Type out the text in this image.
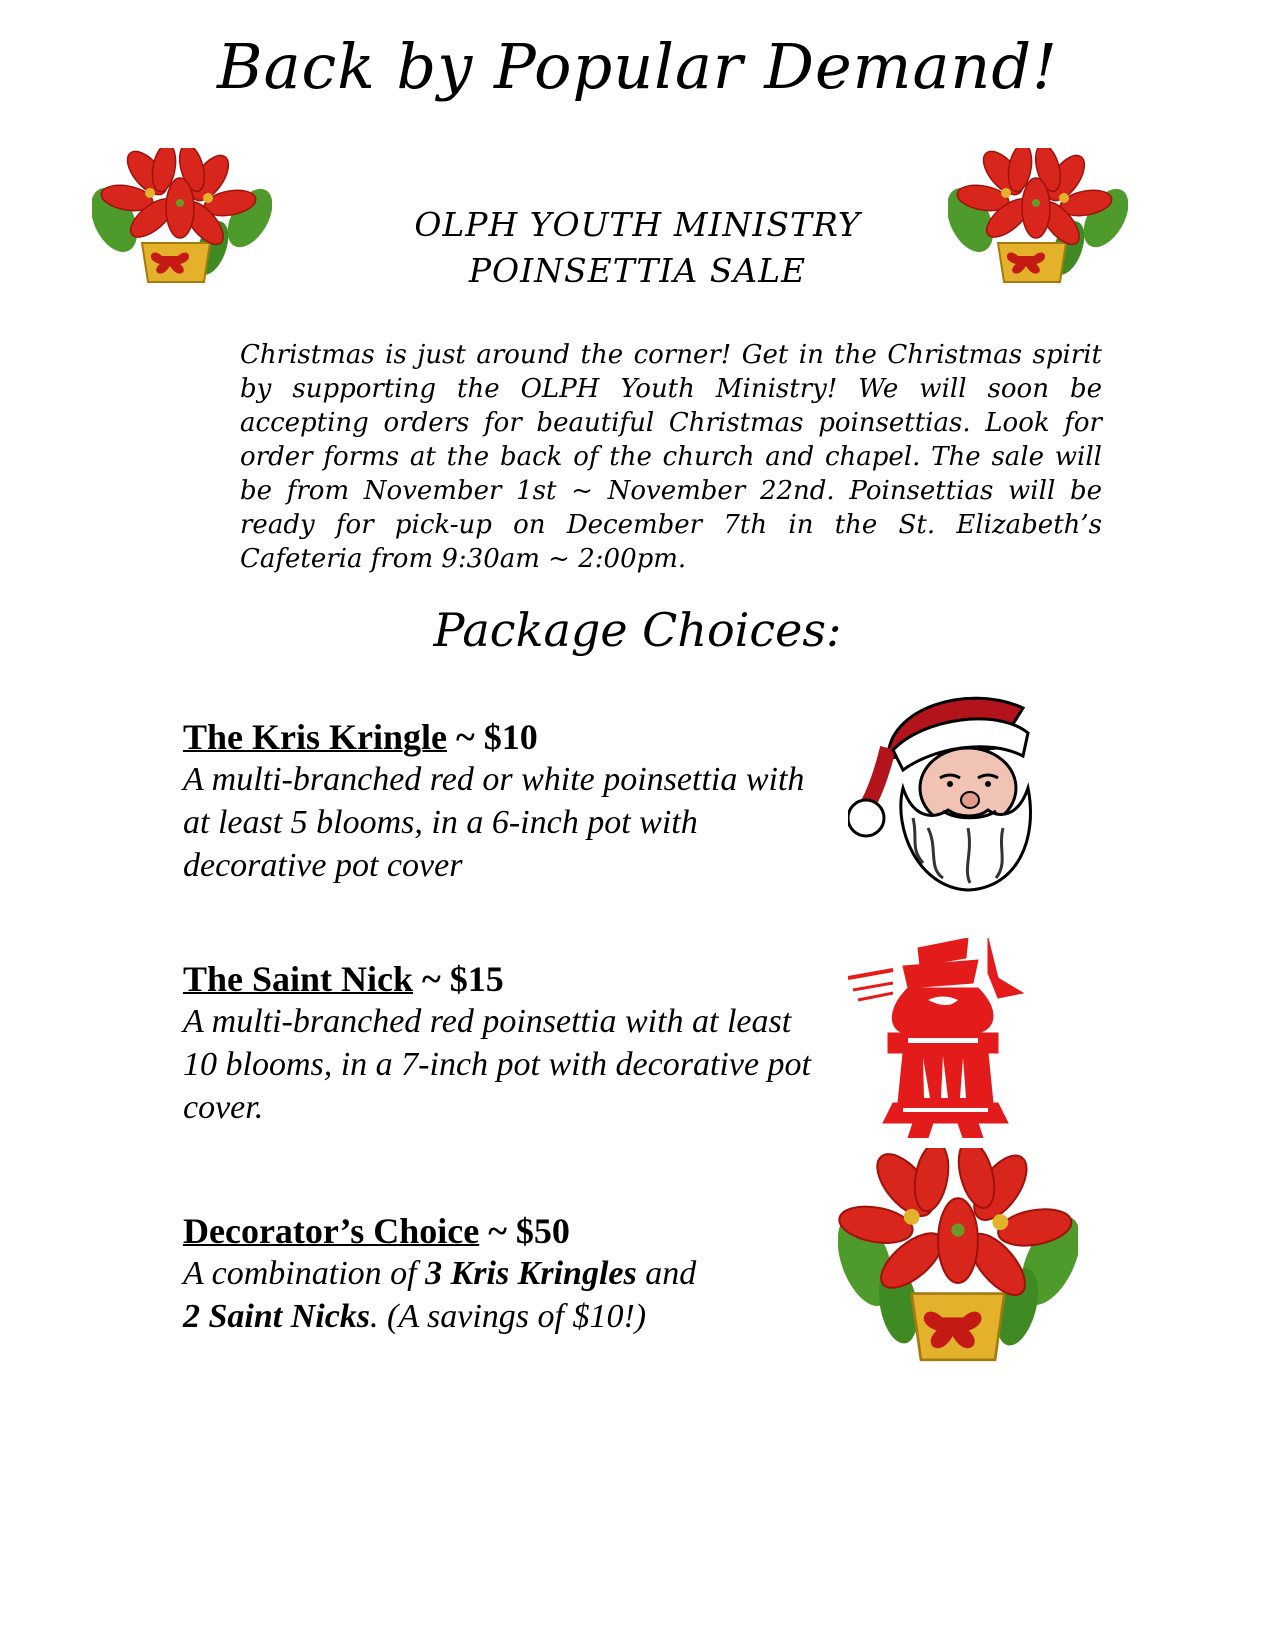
Back by Popular Demand!
OLPH YOUTH MINISTRY
POINSETTIA SALE

Christmas is just around the corner! Get in the Christmas spirit by supporting the OLPH Youth Ministry! We will soon be accepting orders for beautiful Christmas poinsettias. Look for order forms at the back of the church and chapel. The sale will be from November 1st ~ November 22nd. Poinsettias will be ready for pick-up on December 7th in the St. Elizabeth’s Cafeteria from 9:30am ~ 2:00pm.

Package Choices:
The Kris Kringle ~ $10

A multi-branched red or white poinsettia with at least 5 blooms, in a 6-inch pot with decorative pot cover

The Saint Nick ~ $15

A multi-branched red poinsettia with at least 10 blooms, in a 7-inch pot with decorative pot cover.

Decorator’s Choice ~ $50

A combination of 3 Kris Kringles and
2 Saint Nicks. (A savings of $10!)
